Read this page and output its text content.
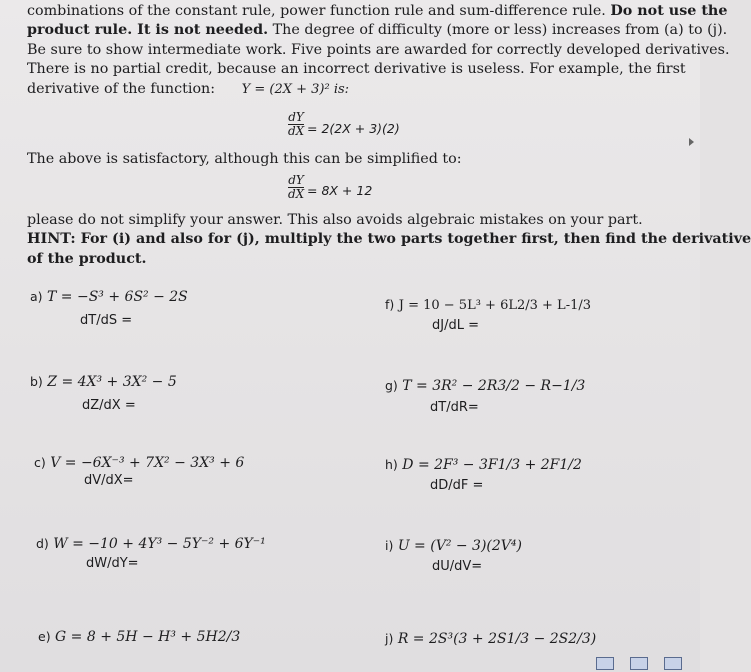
combinations of the constant rule, power function rule and sum-difference rule. Do not use the
product rule. It is not needed. The degree of difficulty (more or less) increases from (a) to (j).
Be sure to show intermediate work. Five points are awarded for correctly developed derivatives.
There is no partial credit, because an incorrect derivative is useless. For example, the first
derivative of the function: Y = (2X + 3)² is:
$\frac{dY}{dX} = 2(2X + 3)(2)$
The above is satisfactory, although this can be simplified to:
$\frac{dY}{dX} = 8X + 12$
please do not simplify your answer. This also avoids algebraic mistakes on your part.
HINT: For (i) and also for (j), multiply the two parts together first, then find the derivative
of the product.
a) T = −S³ + 6S² − 2S
dT/dS =
b) Z = 4X³ + 3X² − 5
dZ/dX =
c) V = −6X⁻³ + 7X² − 3X³ + 6
dV/dX=
d) W = −10 + 4Y³ − 5Y⁻² + 6Y⁻¹
dW/dY=
e) G = 8 + 5H − H³ + 5H2/3
f) J = 10 − 5L³ + 6L2/3 + L-1/3
dJ/dL =
g) T = 3R² − 2R3/2 − R−1/3
dT/dR=
h) D = 2F³ − 3F1/3 + 2F1/2
dD/dF =
i) U = (V² − 3)(2V⁴)
dU/dV=
j) R = 2S³(3 + 2S1/3 − 2S2/3)
